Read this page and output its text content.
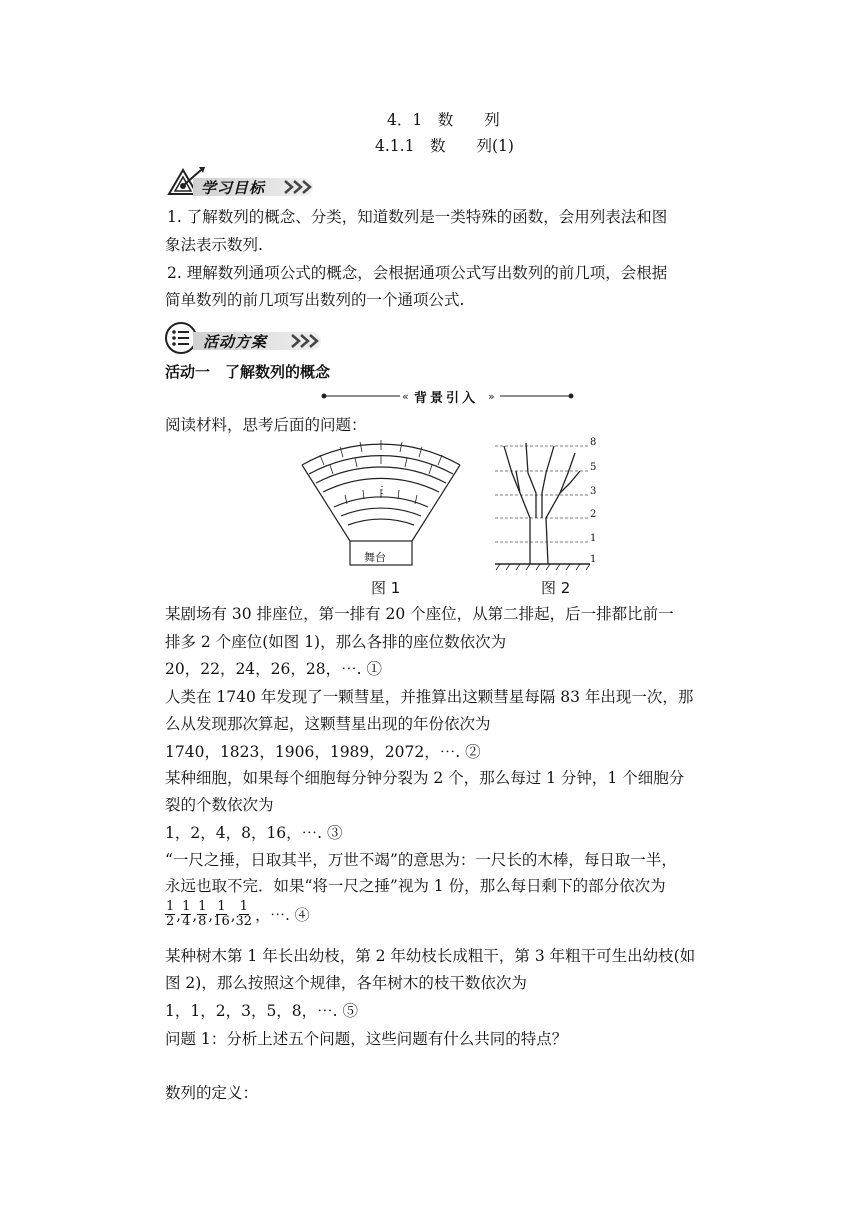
4．1　数　　列
4.1.1　数　　列(1)
学习目标
1. 了解数列的概念、分类，知道数列是一类特殊的函数，会用列表法和图
象法表示数列.
2. 理解数列通项公式的概念，会根据通项公式写出数列的前几项，会根据
简单数列的前几项写出数列的一个通项公式.
活动方案
活动一　了解数列的概念
«	»
背景引入
阅读材料，思考后面的问题：
⋮
舞台
8
5
3
2
1
1
图 1	图 2
某剧场有 30 排座位，第一排有 20 个座位，从第二排起，后一排都比前一
排多 2 个座位(如图 1)，那么各排的座位数依次为
20，22，24，26，28，⋯. ①
人类在 1740 年发现了一颗彗星，并推算出这颗彗星每隔 83 年出现一次，那
么从发现那次算起，这颗彗星出现的年份依次为
1740，1823，1906，1989，2072，⋯. ②
某种细胞，如果每个细胞每分钟分裂为 2 个，那么每过 1 分钟，1 个细胞分
裂的个数依次为
1，2，4，8，16，⋯. ③
“一尺之捶，日取其半，万世不竭”的意思为：一尺长的木棒，每日取一半，
永远也取不完．如果“将一尺之捶”视为 1 份，那么每日剩下的部分依次为
$\frac{1}{2}$ , $\frac{1}{4}$ , $\frac{1}{8}$ , $\frac{1}{16}$ , $\frac{1}{32}$ ，⋯. ④
某种树木第 1 年长出幼枝，第 2 年幼枝长成粗干，第 3 年粗干可生出幼枝(如
图 2)，那么按照这个规律，各年树木的枝干数依次为
1，1，2，3，5，8，⋯. ⑤
问题 1：分析上述五个问题，这些问题有什么共同的特点？
数列的定义：
